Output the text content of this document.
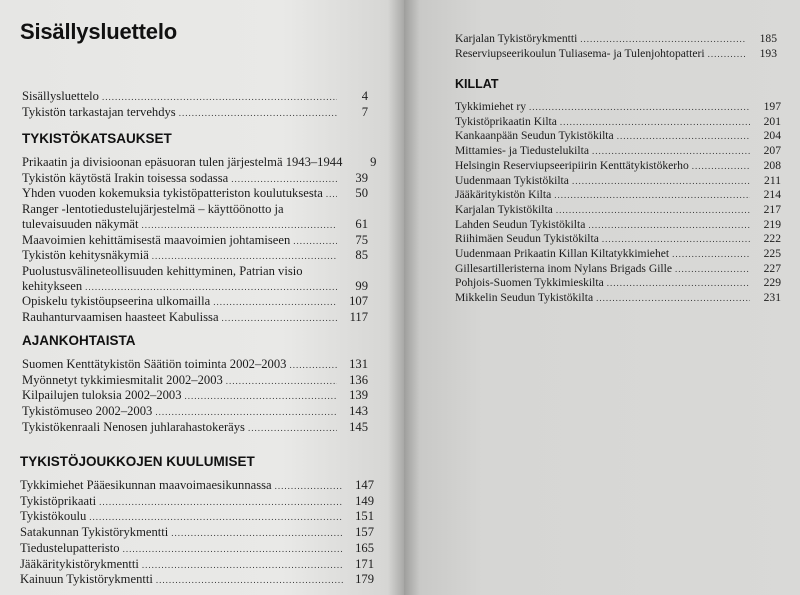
Sisällysluettelo
Sisällysluettelo .....	4
Tykistön tarkastajan tervehdys .....	7
TYKISTÖKATSAUKSET
Prikaatin ja divisioonan epäsuoran tulen järjestelmä 1943–1944	9
Tykistön käytöstä Irakin toisessa sodassa .....	39
Yhden vuoden kokemuksia tykistöpatteriston koulutuksesta .....	50
Ranger -lentotiedustelujärjestelmä – käyttöönotto ja
tulevaisuuden näkymät .....	61
Maavoimien kehittämisestä maavoimien johtamiseen .....	75
Tykistön kehitysnäkymiä .....	85
Puolustusvälineteollisuuden kehittyminen, Patrian visio
kehitykseen .....	99
Opiskelu tykistöupseerina ulkomailla .....	107
Rauhanturvaamisen haasteet Kabulissa .....	117
AJANKOHTAISTA
Suomen Kenttätykistön Säätiön toiminta 2002–2003 .....	131
Myönnetyt tykkimiesmitalit 2002–2003 .....	136
Kilpailujen tuloksia 2002–2003 .....	139
Tykistömuseo 2002–2003 .....	143
Tykistökenraali Nenosen juhlarahastokeräys .....	145
TYKISTÖJOUKKOJEN KUULUMISET
Tykkimiehet Pääesikunnan maavoimaesikunnassa .....	147
Tykistöprikaati .....	149
Tykistökoulu .....	151
Satakunnan Tykistörykmentti .....	157
Tiedustelupatteristo .....	165
Jääkäritykistörykmentti .....	171
Kainuun Tykistörykmentti .....	179
Karjalan Tykistörykmentti .....	185
Reserviupseerikoulun Tuliasema- ja Tulenjohtopatteri .....	193
KILLAT
Tykkimiehet ry .....	197
Tykistöprikaatin Kilta .....	201
Kankaanpään Seudun Tykistökilta .....	204
Mittamies- ja Tiedustelukilta .....	207
Helsingin Reserviupseeripiirin Kenttätykistökerho .....	208
Uudenmaan Tykistökilta .....	211
Jääkäritykistön Kilta .....	214
Karjalan Tykistökilta .....	217
Lahden Seudun Tykistökilta .....	219
Riihimäen Seudun Tykistökilta .....	222
Uudenmaan Prikaatin Killan Kiltatykkimiehet .....	225
Gillesartilleristerna inom Nylans Brigads Gille .....	227
Pohjois-Suomen Tykkimieskilta .....	229
Mikkelin Seudun Tykistökilta .....	231
